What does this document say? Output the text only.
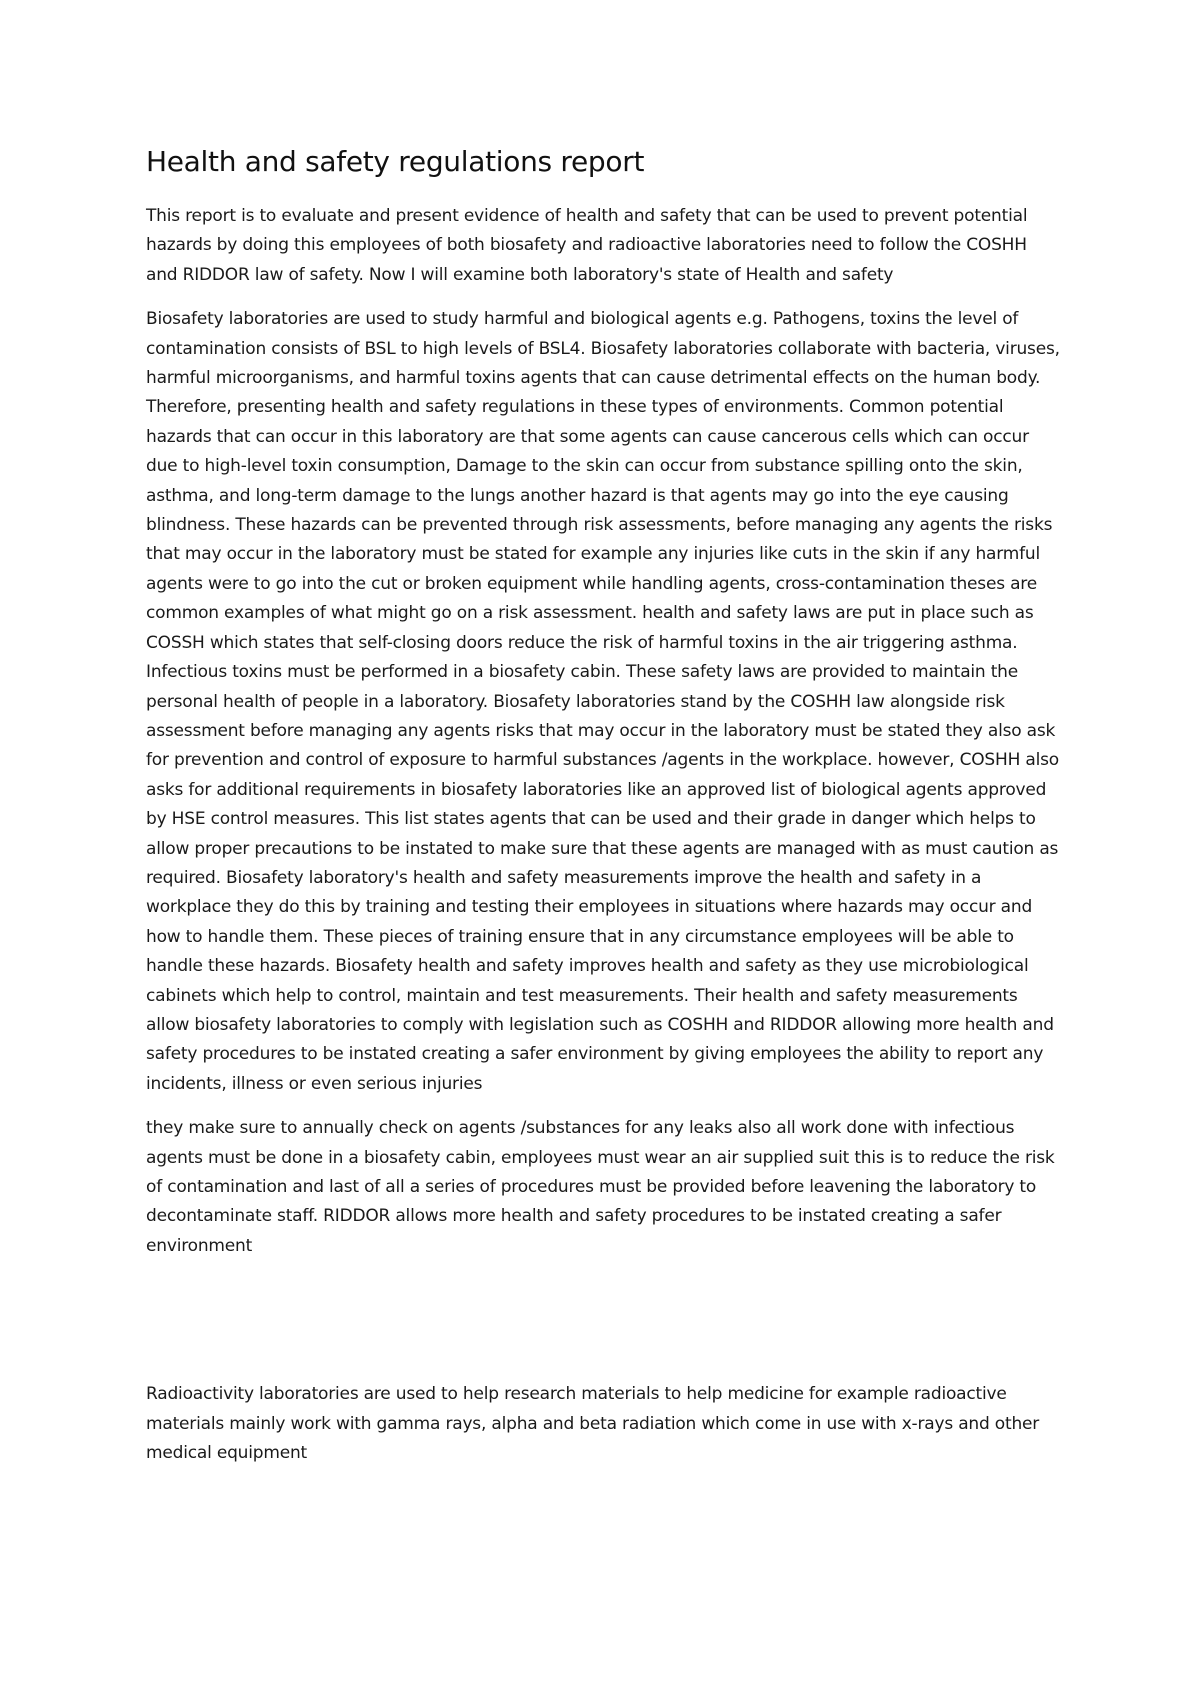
Health and safety regulations report

This report is to evaluate and present evidence of health and safety that can be used to prevent potential hazards by doing this employees of both biosafety and radioactive laboratories need to follow the COSHH and RIDDOR law of safety. Now I will examine both laboratory's state of Health and safety

Biosafety laboratories are used to study harmful and biological agents e.g. Pathogens, toxins the level of contamination consists of BSL to high levels of BSL4. Biosafety laboratories collaborate with bacteria, viruses, harmful microorganisms, and harmful toxins agents that can cause detrimental effects on the human body. Therefore, presenting health and safety regulations in these types of environments. Common potential hazards that can occur in this laboratory are that some agents can cause cancerous cells which can occur due to high-level toxin consumption, Damage to the skin can occur from substance spilling onto the skin, asthma, and long-term damage to the lungs another hazard is that agents may go into the eye causing blindness. These hazards can be prevented through risk assessments, before managing any agents the risks that may occur in the laboratory must be stated for example any injuries like cuts in the skin if any harmful agents were to go into the cut or broken equipment while handling agents, cross-contamination theses are common examples of what might go on a risk assessment. health and safety laws are put in place such as COSSH which states that self-closing doors reduce the risk of harmful toxins in the air triggering asthma. Infectious toxins must be performed in a biosafety cabin. These safety laws are provided to maintain the personal health of people in a laboratory. Biosafety laboratories stand by the COSHH law alongside risk assessment before managing any agents risks that may occur in the laboratory must be stated they also ask for prevention and control of exposure to harmful substances /agents in the workplace. however, COSHH also asks for additional requirements in biosafety laboratories like an approved list of biological agents approved by HSE control measures. This list states agents that can be used and their grade in danger which helps to allow proper precautions to be instated to make sure that these agents are managed with as must caution as required. Biosafety laboratory's health and safety measurements improve the health and safety in a workplace they do this by training and testing their employees in situations where hazards may occur and how to handle them. These pieces of training ensure that in any circumstance employees will be able to handle these hazards. Biosafety health and safety improves health and safety as they use microbiological cabinets which help to control, maintain and test measurements. Their health and safety measurements allow biosafety laboratories to comply with legislation such as COSHH and RIDDOR allowing more health and safety procedures to be instated creating a safer environment by giving employees the ability to report any incidents, illness or even serious injuries

they make sure to annually check on agents /substances for any leaks also all work done with infectious agents must be done in a biosafety cabin, employees must wear an air supplied suit this is to reduce the risk of contamination and last of all a series of procedures must be provided before leavening the laboratory to decontaminate staff. RIDDOR allows more health and safety procedures to be instated creating a safer environment

Radioactivity laboratories are used to help research materials to help medicine for example radioactive materials mainly work with gamma rays, alpha and beta radiation which come in use with x-rays and other medical equipment
